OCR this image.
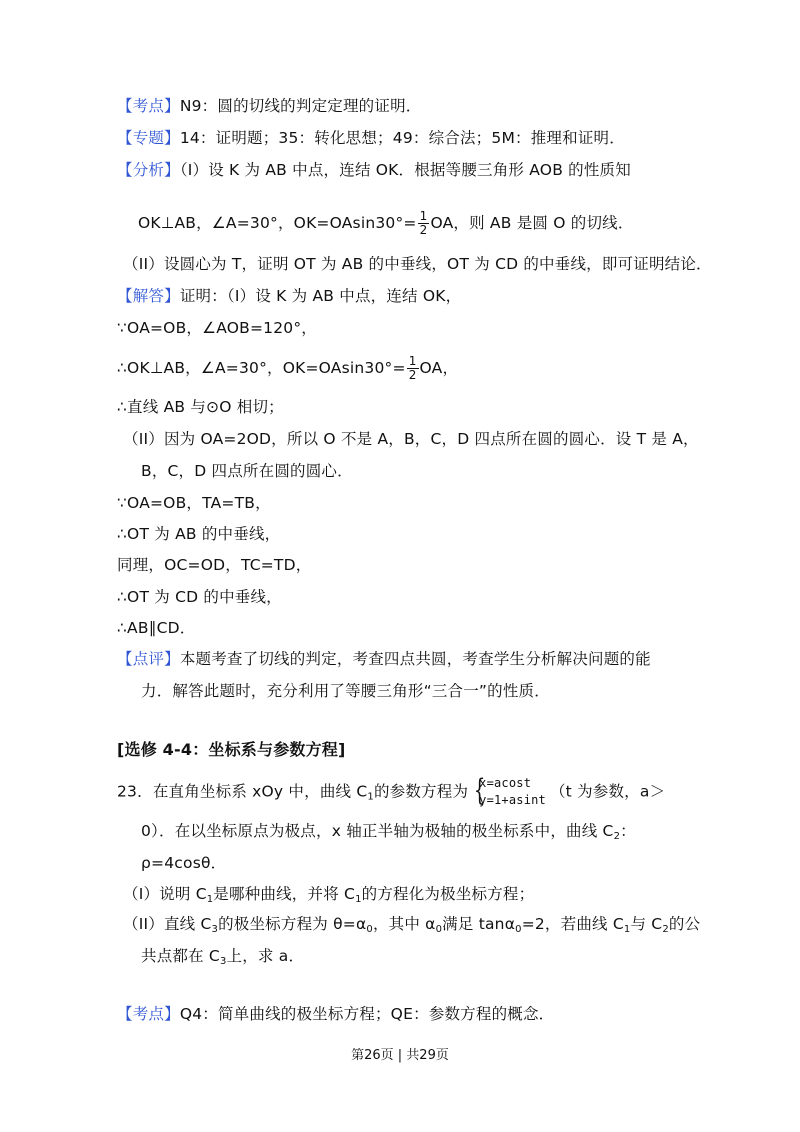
【考点】N9：圆的切线的判定定理的证明．
【专题】14：证明题；35：转化思想；49：综合法；5M：推理和证明．
【分析】（I）设 K 为 AB 中点，连结 OK．根据等腰三角形 AOB 的性质知
OK⊥AB，∠A=30°，$OK=OAsin30^\circ= \frac{1}{2}$ OA，则 AB 是圆 O 的切线．
（II）设圆心为 T，证明 OT 为 AB 的中垂线，OT 为 CD 的中垂线，即可证明结论．
【解答】证明：（I）设 K 为 AB 中点，连结 OK，
∵OA=OB，∠AOB=120°，
∴OK⊥AB，∠A=30°，$OK=OAsin30^\circ= \frac{1}{2}$ OA，
∴直线 AB 与⊙O 相切；
（II）因为 OA=2OD，所以 O 不是 A，B，C，D 四点所在圆的圆心．设 T 是 A，
B，C，D 四点所在圆的圆心．
∵OA=OB，TA=TB，
∴OT 为 AB 的中垂线，
同理，OC=OD，TC=TD，
∴OT 为 CD 的中垂线，
∴AB∥CD．
【点评】本题考查了切线的判定，考查四点共圆，考查学生分析解决问题的能
力．解答此题时，充分利用了等腰三角形“三合一”的性质．
[选修 4-4：坐标系与参数方程]
23．在直角坐标系 xOy 中，曲线 $C_1$的参数方程为 {
x=acost
y=1+asint （t 为参数，a＞
0）．在以坐标原点为极点，x 轴正半轴为极轴的极坐标系中，曲线 $C_2$：
ρ=4cosθ．
（I）说明 $C_1$是哪种曲线，并将 $C_1$的方程化为极坐标方程；
（II）直线 $C_3$的极坐标方程为 $\theta=\alpha_0$，其中 $\alpha_0$满足 tanα$_0$=2，若曲线 $C_1$与 $C_2$的公
共点都在 $C_3$上，求 a．
【考点】Q4：简单曲线的极坐标方程；QE：参数方程的概念．
第26页 | 共29页
